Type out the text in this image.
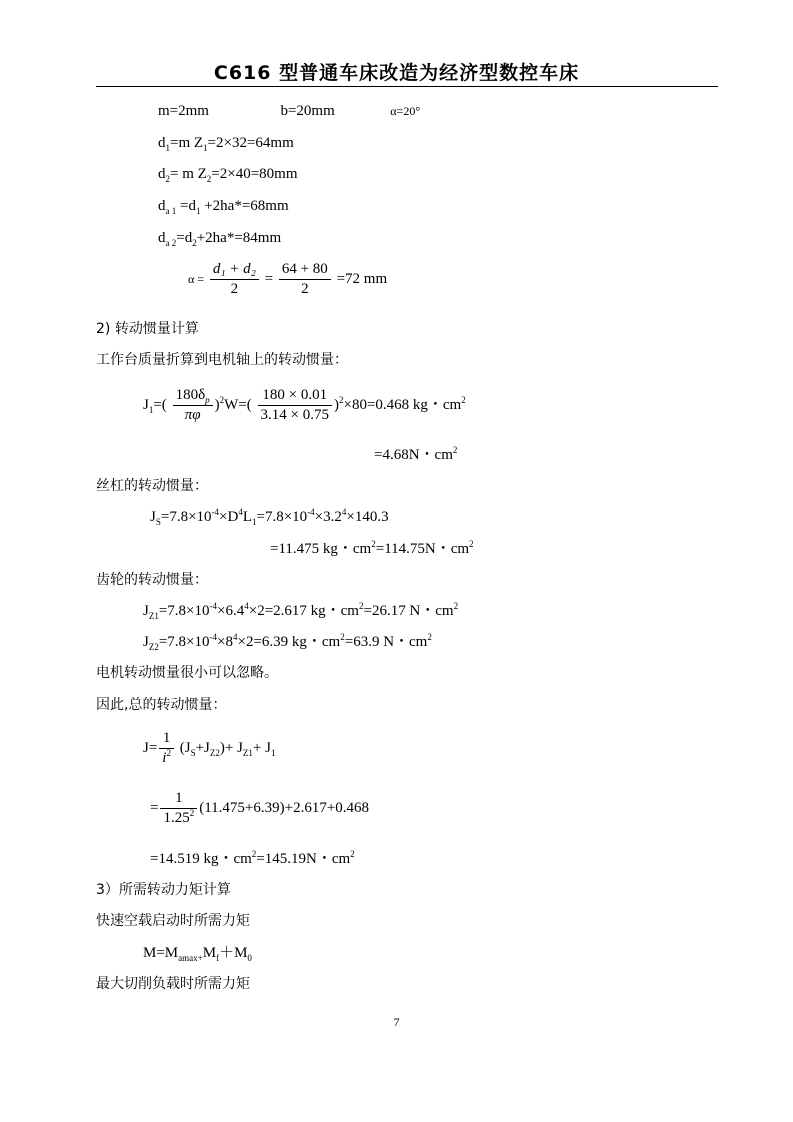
C616 型普通车床改造为经济型数控车床
m=2mm	b=20mm	α=20°
$d_1=m$ $Z_1=2\times 32=64mm$
$d_2= m$ $Z_2=2\times 40=80mm$
$d_{a 1} =d_1 +2ha*=68mm$
$d_{a 2}=d_2+2ha*=84mm$
$\alpha = \frac{\text{d₁ + d₂}}{2} = \frac{64 + 80}{2} =72$ mm
2) 转动惯量计算
工作台质量折算到电机轴上的转动惯量：
$J_1=( \frac{180\delta_p}{\pi\varphi} )^2W=( \frac{180 \times 0.01}{3.14 \times 0.75} )^2\times 80=0.468$ kg・$cm^2$
=4.68N・$cm^2$
丝杠的转动惯量：
$J_S=7.8\times 10^{-4}\times D^4L_1=7.8\times 10^{-4}\times 3.2^4\times 140.3$
=11.475 kg・$cm^2=114.75N$・$cm^2$
齿轮的转动惯量：
$J_{Z1}=7.8\times 10^{-4}\times 6.4^4\times 2=2.617$ kg・$cm^2=26.17$ N・$cm^2$
$J_{Z2}=7.8\times 10^{-4}\times 8^4\times 2=6.39$ kg・$cm^2=63.9$ N・$cm^2$
电机转动惯量很小可以忽略。
因此,总的转动惯量：
$J= \frac{1}{i^2} (J_S+J_{Z2})+ J_{Z1}+ J_1$
= $\frac{1}{1.25^2} (11.475+6.39)+2.617+0.468$
=14.519 kg・$cm^2=145.19N$・$cm^2$
3）所需转动力矩计算
快速空载启动时所需力矩
$M=M_{amax+}M_f+M_0$
最大切削负载时所需力矩
7
